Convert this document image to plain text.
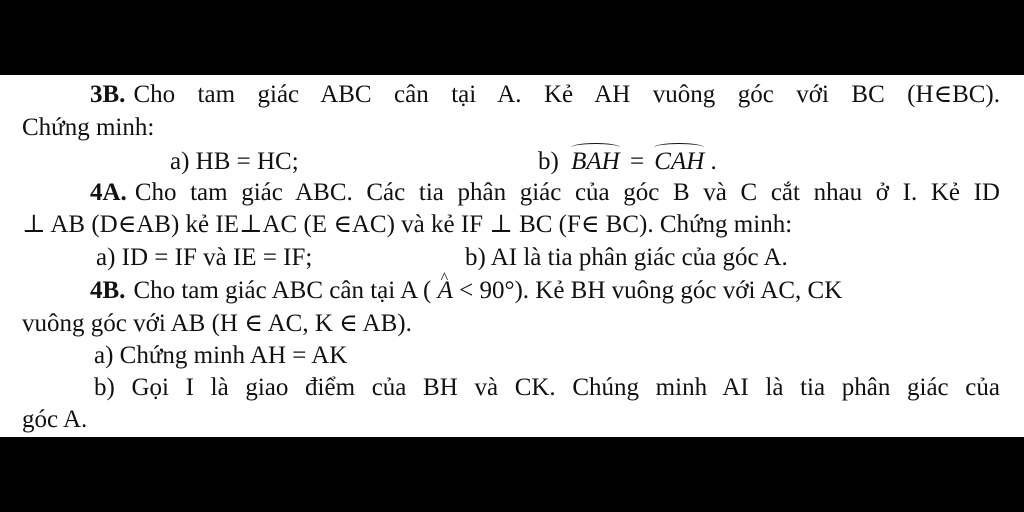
3B. Cho tam giác ABC cân tại A. Kẻ AH vuông góc với BC (H∈BC).
Chứng minh:
a) HB = HC;	b) BAH = CAH .
4A. Cho tam giác ABC. Các tia phân giác của góc B và C cắt nhau ở I. Kẻ ID
⊥ AB (D∈AB) kẻ IE⊥AC (E ∈AC) và kẻ IF ⊥ BC (F∈ BC). Chứng minh:
a) ID = IF và IE = IF;	b) AI là tia phân giác của góc A.
4B. Cho tam giác ABC cân tại A ( ^ A < 90°). Kẻ BH vuông góc với AC, CK
vuông góc với AB (H ∈ AC, K ∈ AB).
a) Chứng minh AH = AK
b) Gọi I là giao điểm của BH và CK. Chúng minh AI là tia phân giác của
góc A.
